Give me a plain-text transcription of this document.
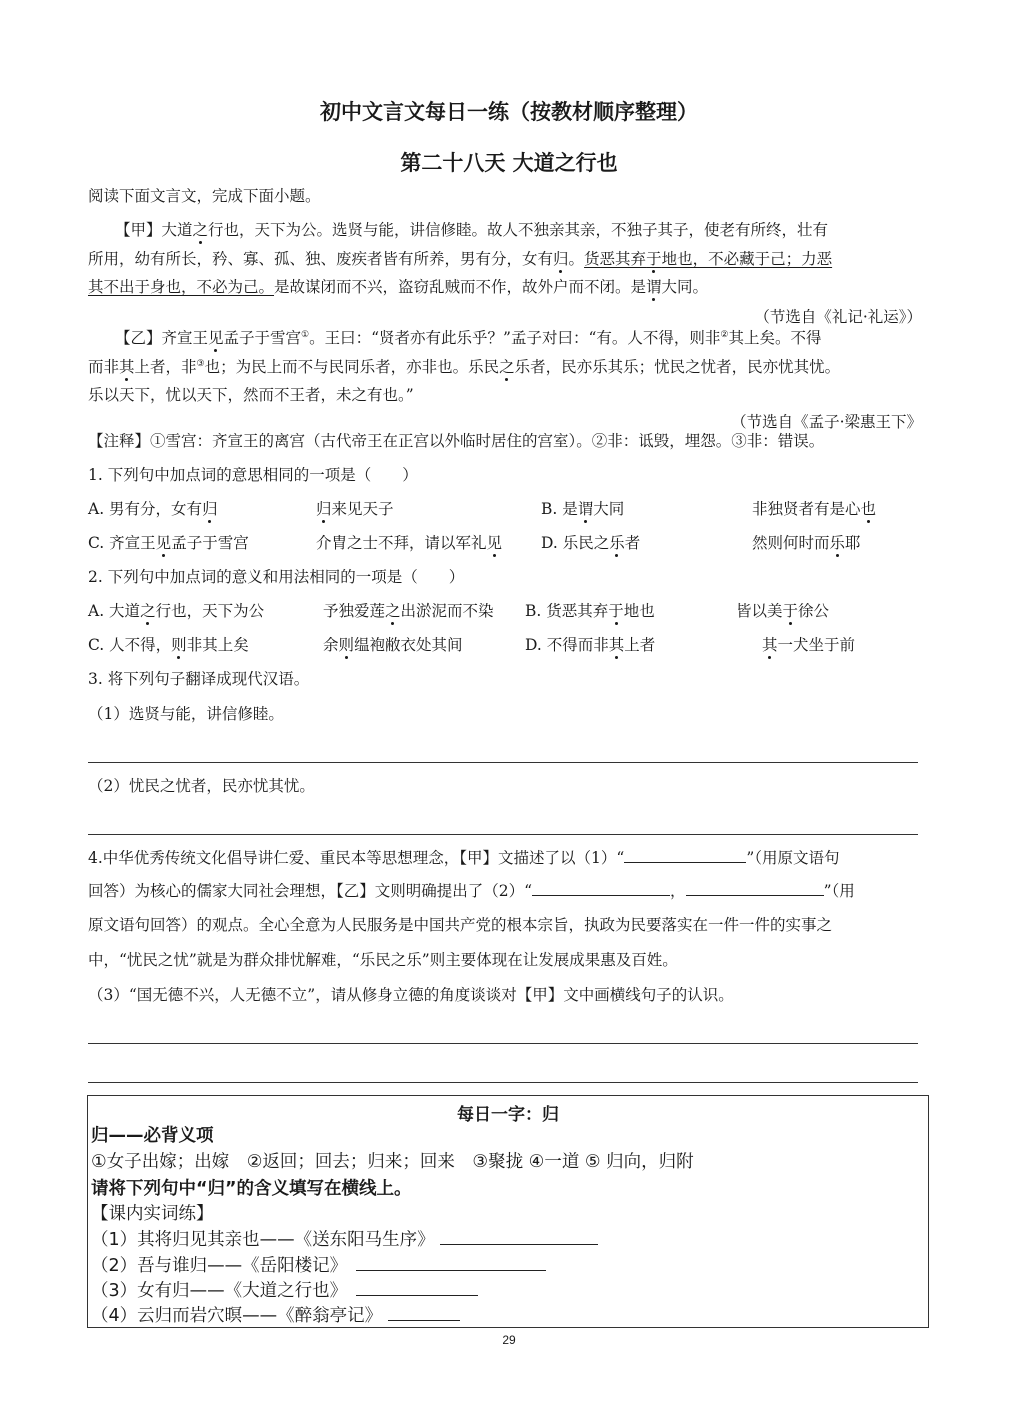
初中文言文每日一练（按教材顺序整理）
第二十八天 大道之行也
阅读下面文言文，完成下面小题。
【甲】大道之行也，天下为公。选贤与能，讲信修睦。故人不独亲其亲，不独子其子，使老有所终，壮有
所用，幼有所长，矜、寡、孤、独、废疾者皆有所养，男有分，女有归。货恶其弃于地也，不必藏于己；力恶
其不出于身也，不必为己。是故谋闭而不兴，盗窃乱贼而不作，故外户而不闭。是谓大同。
（节选自《礼记·礼运》）
【乙】齐宣王见孟子于雪宫①。王曰：“贤者亦有此乐乎？”孟子对曰：“有。人不得，则非②其上矣。不得
而非其上者，非③也；为民上而不与民同乐者，亦非也。乐民之乐者，民亦乐其乐；忧民之忧者，民亦忧其忧。
乐以天下，忧以天下，然而不王者，未之有也。”
（节选自《孟子·梁惠王下》
【注释】①雪宫：齐宣王的离宫（古代帝王在正宫以外临时居住的宫室）。②非：诋毁，埋怨。③非：错误。
1. 下列句中加点词的意思相同的一项是（　　）
A. 男有分，女有归	归来见天子	B. 是谓大同	非独贤者有是心也
C. 齐宣王见孟子于雪宫	介胄之士不拜，请以军礼见	D. 乐民之乐者	然则何时而乐耶
2. 下列句中加点词的意义和用法相同的一项是（　　）
A. 大道之行也，天下为公	予独爱莲之出淤泥而不染 B. 货恶其弃于地也	皆以美于徐公
C. 人不得，则非其上矣	余则缊袍敝衣处其间	D. 不得而非其上者	其一犬坐于前
3. 将下列句子翻译成现代汉语。
（1）选贤与能，讲信修睦。
（2）忧民之忧者，民亦忧其忧。
4.中华优秀传统文化倡导讲仁爱、重民本等思想理念，【甲】文描述了以（1）“	”（用原文语句
回答）为核心的儒家大同社会理想，【乙】文则明确提出了（2）“	，	”（用
原文语句回答）的观点。全心全意为人民服务是中国共产党的根本宗旨，执政为民要落实在一件一件的实事之
中，“忧民之忧”就是为群众排忧解难，“乐民之乐”则主要体现在让发展成果惠及百姓。
（3）“国无德不兴，人无德不立”，请从修身立德的角度谈谈对【甲】文中画横线句子的认识。
每日一字：归
归——必背义项
①女子出嫁；出嫁　②返回；回去；归来；回来　③聚拢 ④一道 ⑤ 归向，归附
请将下列句中“归”的含义填写在横线上。
【课内实词练】
（1）其将归见其亲也——《送东阳马生序》
（2）吾与谁归——《岳阳楼记》　
（3）女有归——《大道之行也》　
（4）云归而岩穴暝——《醉翁亭记》
29
